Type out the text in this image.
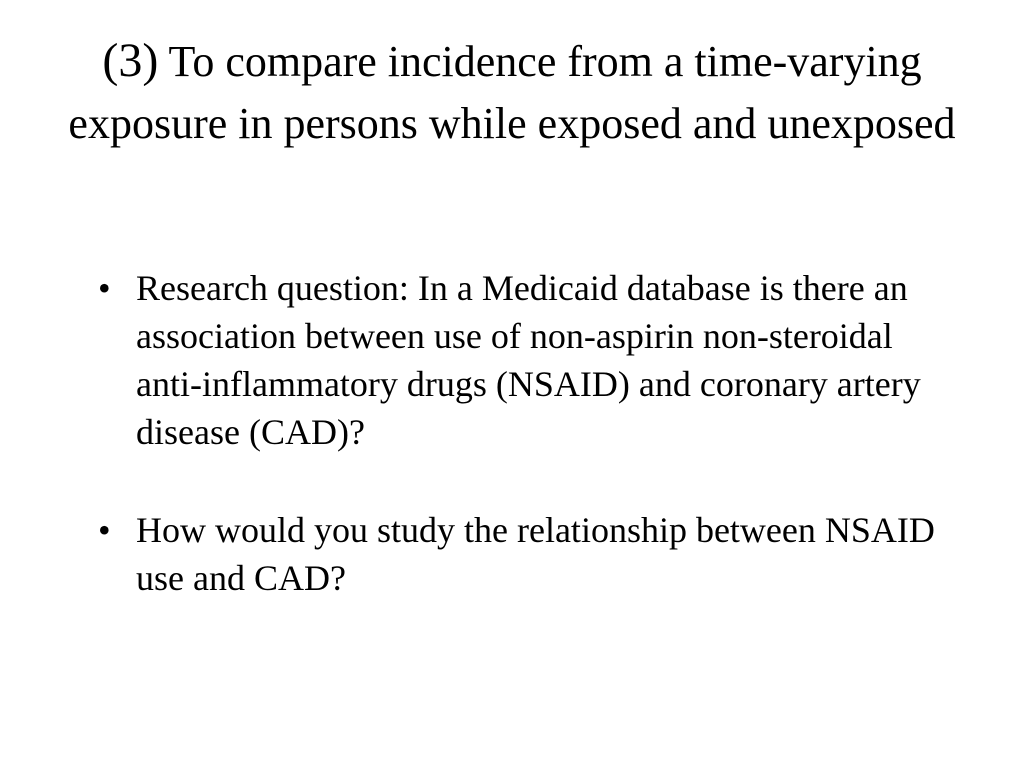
(3) To compare incidence from a time-varying exposure in persons while exposed and unexposed
• Research question: In a Medicaid database is there an association between use of non-aspirin non-steroidal anti-inflammatory drugs (NSAID) and coronary artery disease (CAD)?
• How would you study the relationship between NSAID use and CAD?
